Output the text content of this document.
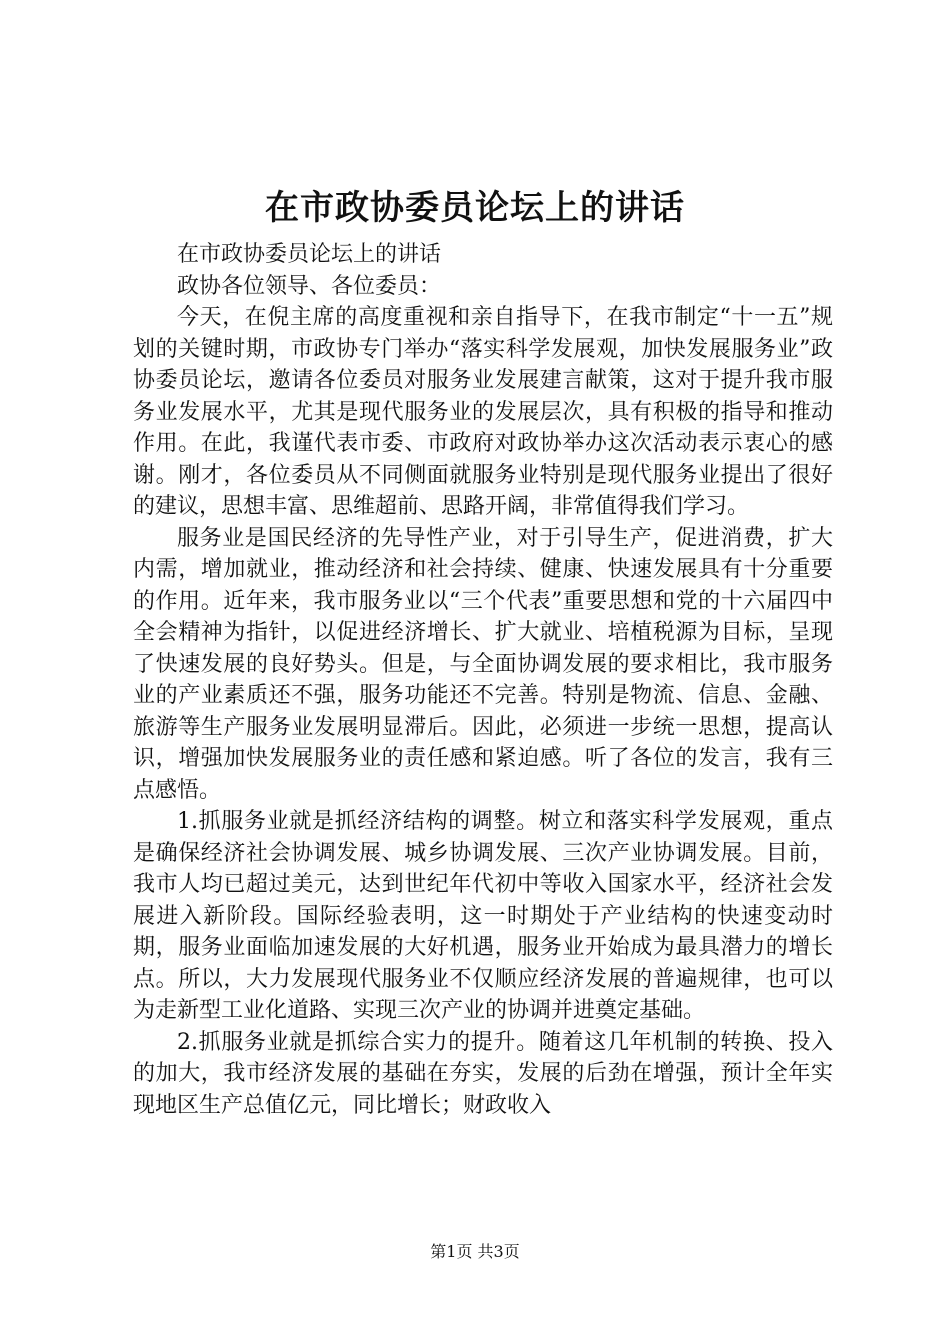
在市政协委员论坛上的讲话

在市政协委员论坛上的讲话

政协各位领导、各位委员：

今天，在倪主席的高度重视和亲自指导下，在我市制定“十一五”规划的关键时期，市政协专门举办“落实科学发展观，加快发展服务业”政协委员论坛，邀请各位委员对服务业发展建言献策，这对于提升我市服务业发展水平，尤其是现代服务业的发展层次，具有积极的指导和推动作用。在此，我谨代表市委、市政府对政协举办这次活动表示衷心的感谢。刚才，各位委员从不同侧面就服务业特别是现代服务业提出了很好的建议，思想丰富、思维超前、思路开阔，非常值得我们学习。

服务业是国民经济的先导性产业，对于引导生产，促进消费，扩大内需，增加就业，推动经济和社会持续、健康、快速发展具有十分重要的作用。近年来，我市服务业以“三个代表”重要思想和党的十六届四中全会精神为指针，以促进经济增长、扩大就业、培植税源为目标，呈现了快速发展的良好势头。但是，与全面协调发展的要求相比，我市服务业的产业素质还不强，服务功能还不完善。特别是物流、信息、金融、旅游等生产服务业发展明显滞后。因此，必须进一步统一思想，提高认识，增强加快发展服务业的责任感和紧迫感。听了各位的发言，我有三点感悟。

1.抓服务业就是抓经济结构的调整。树立和落实科学发展观，重点是确保经济社会协调发展、城乡协调发展、三次产业协调发展。目前，我市人均已超过美元，达到世纪年代初中等收入国家水平，经济社会发展进入新阶段。国际经验表明，这一时期处于产业结构的快速变动时期，服务业面临加速发展的大好机遇，服务业开始成为最具潜力的增长点。所以，大力发展现代服务业不仅顺应经济发展的普遍规律，也可以为走新型工业化道路、实现三次产业的协调并进奠定基础。

2.抓服务业就是抓综合实力的提升。随着这几年机制的转换、投入的加大，我市经济发展的基础在夯实，发展的后劲在增强，预计全年实现地区生产总值亿元，同比增长；财政收入

第1页 共3页
